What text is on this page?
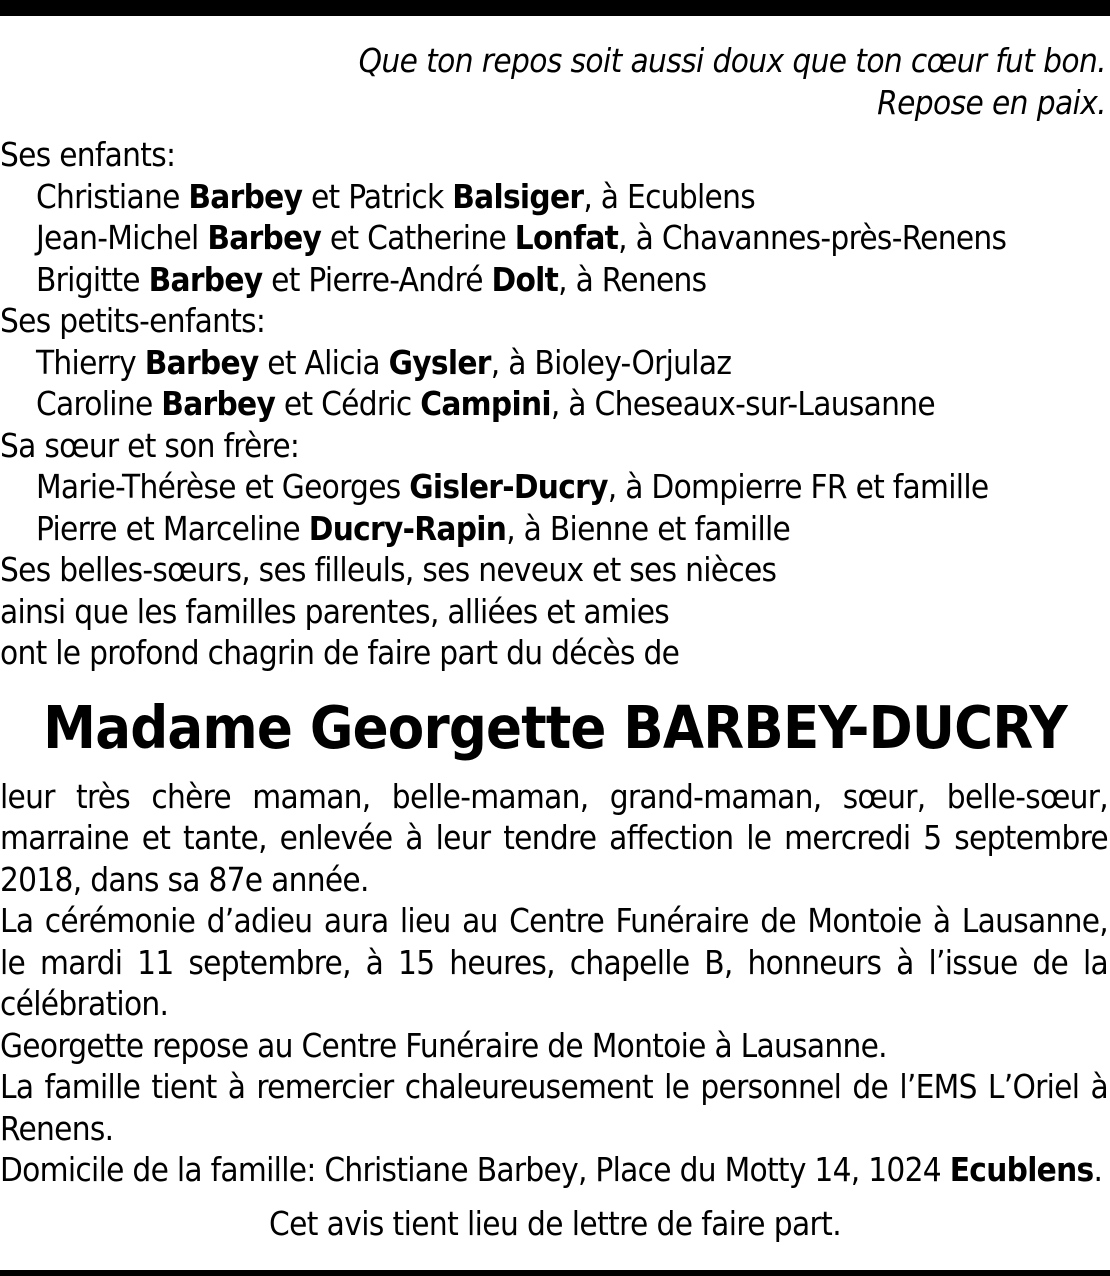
Que ton repos soit aussi doux que ton cœur fut bon.
Repose en paix.
Ses enfants:
Christiane Barbey et Patrick Balsiger, à Ecublens
Jean-Michel Barbey et Catherine Lonfat, à Chavannes-près-Renens
Brigitte Barbey et Pierre-André Dolt, à Renens
Ses petits-enfants:
Thierry Barbey et Alicia Gysler, à Bioley-Orjulaz
Caroline Barbey et Cédric Campini, à Cheseaux-sur-Lausanne
Sa sœur et son frère:
Marie-Thérèse et Georges Gisler-Ducry, à Dompierre FR et famille
Pierre et Marceline Ducry-Rapin, à Bienne et famille
Ses belles-sœurs, ses filleuls, ses neveux et ses nièces
ainsi que les familles parentes, alliées et amies
ont le profond chagrin de faire part du décès de
Madame Georgette BARBEY-DUCRY
leur très chère maman, belle-maman, grand-maman, sœur, belle-sœur, marraine et tante, enlevée à leur tendre affection le mercredi 5 septembre 2018, dans sa 87e année.
La cérémonie d’adieu aura lieu au Centre Funéraire de Montoie à Lausanne, le mardi 11 septembre, à 15 heures, chapelle B, honneurs à l’issue de la célébration.
Georgette repose au Centre Funéraire de Montoie à Lausanne.
La famille tient à remercier chaleureusement le personnel de l’EMS L’Oriel à Renens.
Domicile de la famille: Christiane Barbey, Place du Motty 14, 1024 Ecublens.
Cet avis tient lieu de lettre de faire part.
